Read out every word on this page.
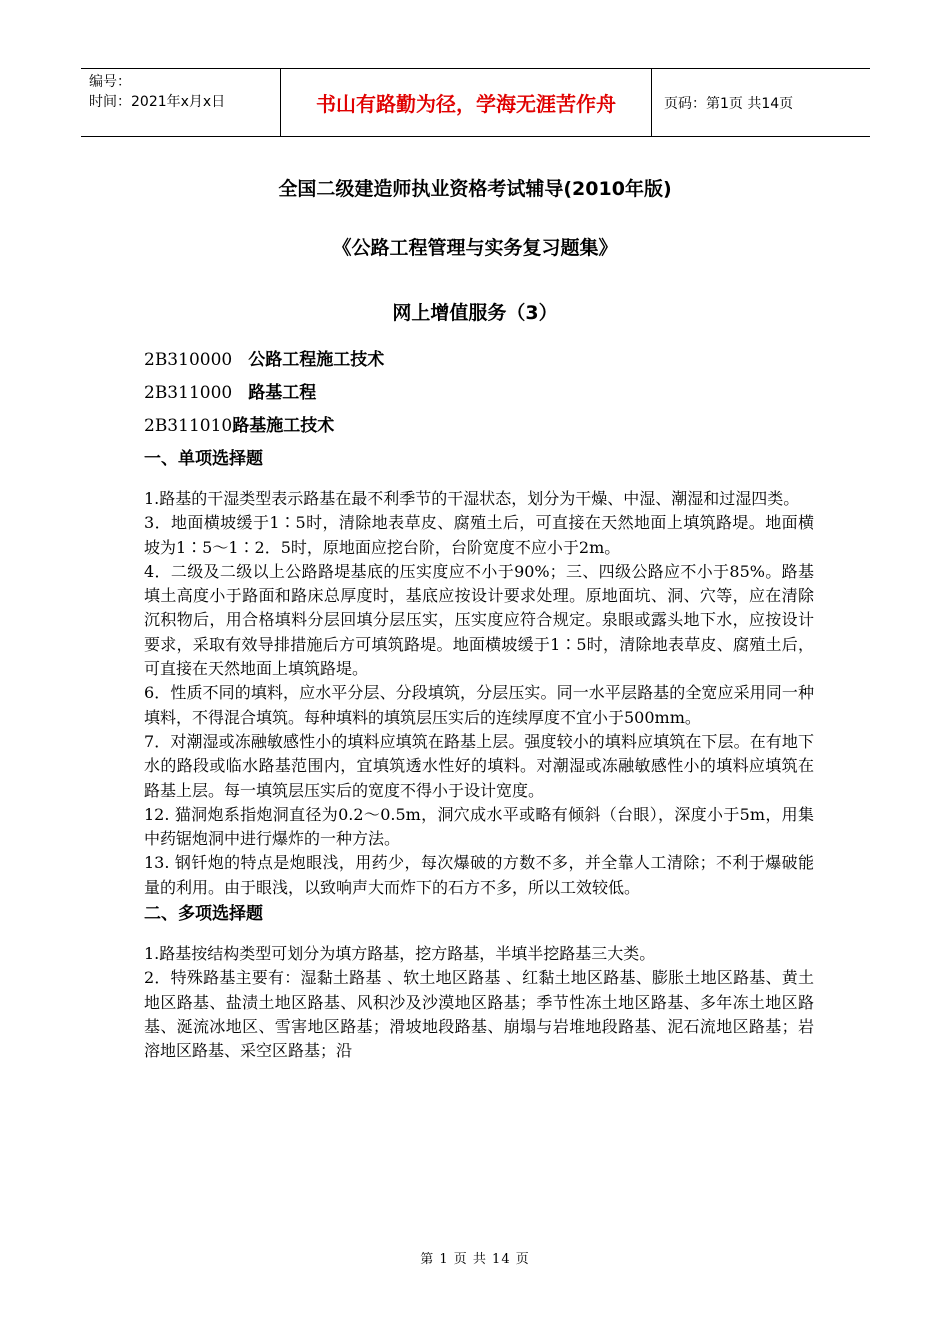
编号：
时间：2021年x月x日	书山有路勤为径，学海无涯苦作舟	页码：第1页 共14页
全国二级建造师执业资格考试辅导(2010年版)
《公路工程管理与实务复习题集》
网上增值服务（3）
2B310000 公路工程施工技术
2B311000 路基工程
2B311010路基施工技术
一、单项选择题

1.路基的干湿类型表示路基在最不利季节的干湿状态，划分为干燥、中湿、潮湿和过湿四类。

3．地面横坡缓于1∶5时，清除地表草皮、腐殖土后，可直接在天然地面上填筑路堤。地面横坡为1∶5～1∶2．5时，原地面应挖台阶，台阶宽度不应小于2m。

4．二级及二级以上公路路堤基底的压实度应不小于90%；三、四级公路应不小于85%。路基填土高度小于路面和路床总厚度时，基底应按设计要求处理。原地面坑、洞、穴等，应在清除沉积物后，用合格填料分层回填分层压实，压实度应符合规定。泉眼或露头地下水，应按设计要求，采取有效导排措施后方可填筑路堤。地面横坡缓于1∶5时，清除地表草皮、腐殖土后，可直接在天然地面上填筑路堤。

6．性质不同的填料，应水平分层、分段填筑，分层压实。同一水平层路基的全宽应采用同一种填料，不得混合填筑。每种填料的填筑层压实后的连续厚度不宜小于500mm。

7．对潮湿或冻融敏感性小的填料应填筑在路基上层。强度较小的填料应填筑在下层。在有地下水的路段或临水路基范围内，宜填筑透水性好的填料。对潮湿或冻融敏感性小的填料应填筑在路基上层。每一填筑层压实后的宽度不得小于设计宽度。

12. 猫洞炮系指炮洞直径为0.2～0.5m，洞穴成水平或略有倾斜（台眼），深度小于5m，用集中药锯炮洞中进行爆炸的一种方法。

13. 钢钎炮的特点是炮眼浅，用药少，每次爆破的方数不多，并全靠人工清除；不利于爆破能量的利用。由于眼浅，以致响声大而炸下的石方不多，所以工效较低。

二、多项选择题

1.路基按结构类型可划分为填方路基，挖方路基，半填半挖路基三大类。

2．特殊路基主要有：湿黏土路基 、软土地区路基 、红黏土地区路基、膨胀土地区路基、黄土地区路基、盐渍土地区路基、风积沙及沙漠地区路基；季节性冻土地区路基、多年冻土地区路基、涎流冰地区、雪害地区路基；滑坡地段路基、崩塌与岩堆地段路基、泥石流地区路基；岩溶地区路基、采空区路基；沿

第 1 页 共 14 页
